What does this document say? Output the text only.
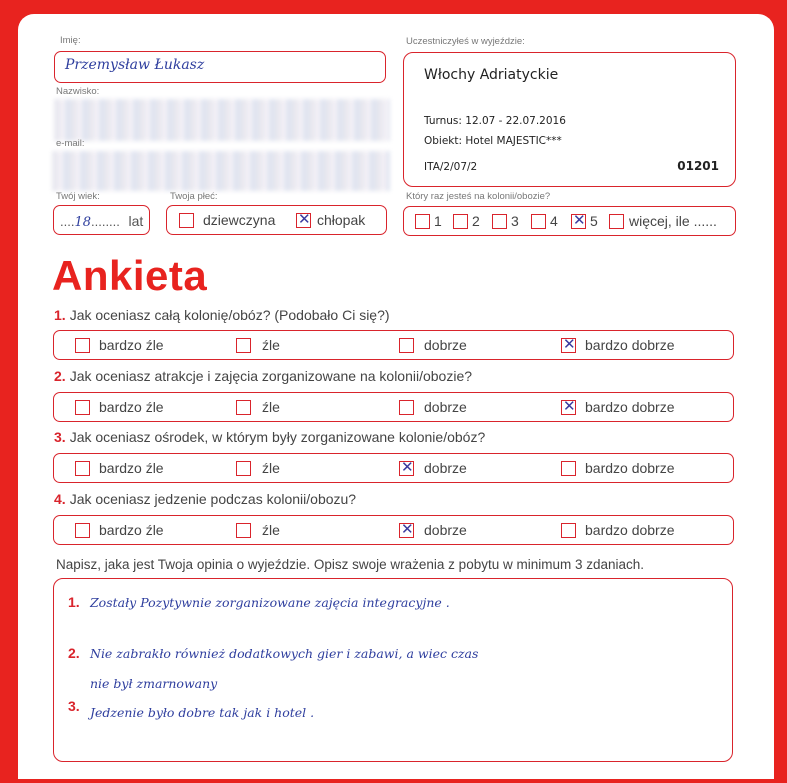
Imię:
Przemysław Łukasz
Nazwisko:
e-mail:
Twój wiek:
....18........ lat
Twoja płeć:
dziewczyna ✕ chłopak
Uczestniczyłeś w wyjeździe:
Włochy Adriatyckie
Turnus: 12.07 - 22.07.2016
Obiekt: Hotel MAJESTIC***
ITA/2/07/2	01201
Który raz jesteś na kolonii/obozie?
1 2 3 4 ✕ 5 więcej, ile ......
Ankieta
1. Jak oceniasz całą kolonię/obóz? (Podobało Ci się?)
bardzo źle	źle	dobrze	✕ bardzo dobrze
2. Jak oceniasz atrakcje i zajęcia zorganizowane na kolonii/obozie?
bardzo źle	źle	dobrze	✕ bardzo dobrze
3. Jak oceniasz ośrodek, w którym były zorganizowane kolonie/obóz?
bardzo źle	źle	✕ dobrze	bardzo dobrze
4. Jak oceniasz jedzenie podczas kolonii/obozu?
bardzo źle	źle	✕ dobrze	bardzo dobrze
Napisz, jaka jest Twoja opinia o wyjeździe. Opisz swoje wrażenia z pobytu w minimum 3 zdaniach.
1. Zostały Pozytywnie zorganizowane zajęcia integracyjne .
2. Nie zabrakło również dodatkowych gier i zabawi, a wiec czas
nie był zmarnowany
3. Jedzenie było dobre tak jak i hotel .
